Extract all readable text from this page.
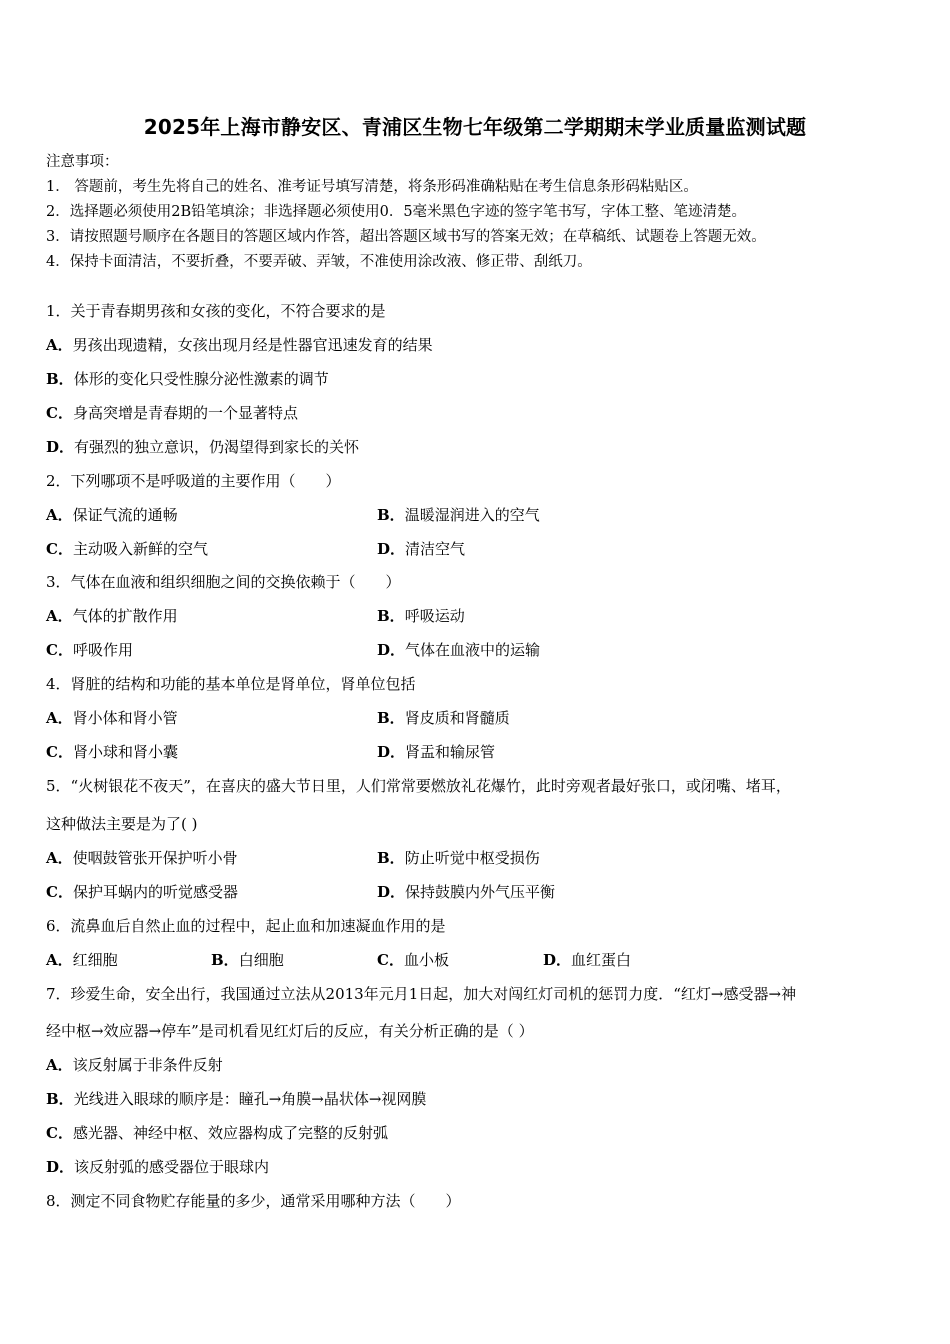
2025年上海市静安区、青浦区生物七年级第二学期期末学业质量监测试题
注意事项：
1． 答题前，考生先将自己的姓名、准考证号填写清楚，将条形码准确粘贴在考生信息条形码粘贴区。
2．选择题必须使用2B铅笔填涂；非选择题必须使用0．5毫米黑色字迹的签字笔书写，字体工整、笔迹清楚。
3．请按照题号顺序在各题目的答题区域内作答，超出答题区域书写的答案无效；在草稿纸、试题卷上答题无效。
4．保持卡面清洁，不要折叠，不要弄破、弄皱，不准使用涂改液、修正带、刮纸刀。
1．关于青春期男孩和女孩的变化，不符合要求的是
A．男孩出现遗精，女孩出现月经是性器官迅速发育的结果
B．体形的变化只受性腺分泌性激素的调节
C．身高突增是青春期的一个显著特点
D．有强烈的独立意识，仍渴望得到家长的关怀
2．下列哪项不是呼吸道的主要作用（　　）
A．保证气流的通畅	B．温暖湿润进入的空气
C．主动吸入新鲜的空气	D．清洁空气
3．气体在血液和组织细胞之间的交换依赖于（　　）
A．气体的扩散作用	B．呼吸运动
C．呼吸作用	D．气体在血液中的运输
4．肾脏的结构和功能的基本单位是肾单位，肾单位包括
A．肾小体和肾小管	B．肾皮质和肾髓质
C．肾小球和肾小囊	D．肾盂和输尿管
5．“火树银花不夜天”，在喜庆的盛大节日里，人们常常要燃放礼花爆竹，此时旁观者最好张口，或闭嘴、堵耳，
这种做法主要是为了( )
A．使咽鼓管张开保护听小骨	B．防止听觉中枢受损伤
C．保护耳蜗内的听觉感受器	D．保持鼓膜内外气压平衡
6．流鼻血后自然止血的过程中，起止血和加速凝血作用的是
A．红细胞	B．白细胞	C．血小板	D．血红蛋白
7．珍爱生命，安全出行，我国通过立法从2013年元月1日起，加大对闯红灯司机的惩罚力度．“红灯→感受器→神
经中枢→效应器→停车”是司机看见红灯后的反应，有关分析正确的是（ ）
A．该反射属于非条件反射
B．光线进入眼球的顺序是：瞳孔→角膜→晶状体→视网膜
C．感光器、神经中枢、效应器构成了完整的反射弧
D．该反射弧的感受器位于眼球内
8．测定不同食物贮存能量的多少，通常采用哪种方法（　　）
